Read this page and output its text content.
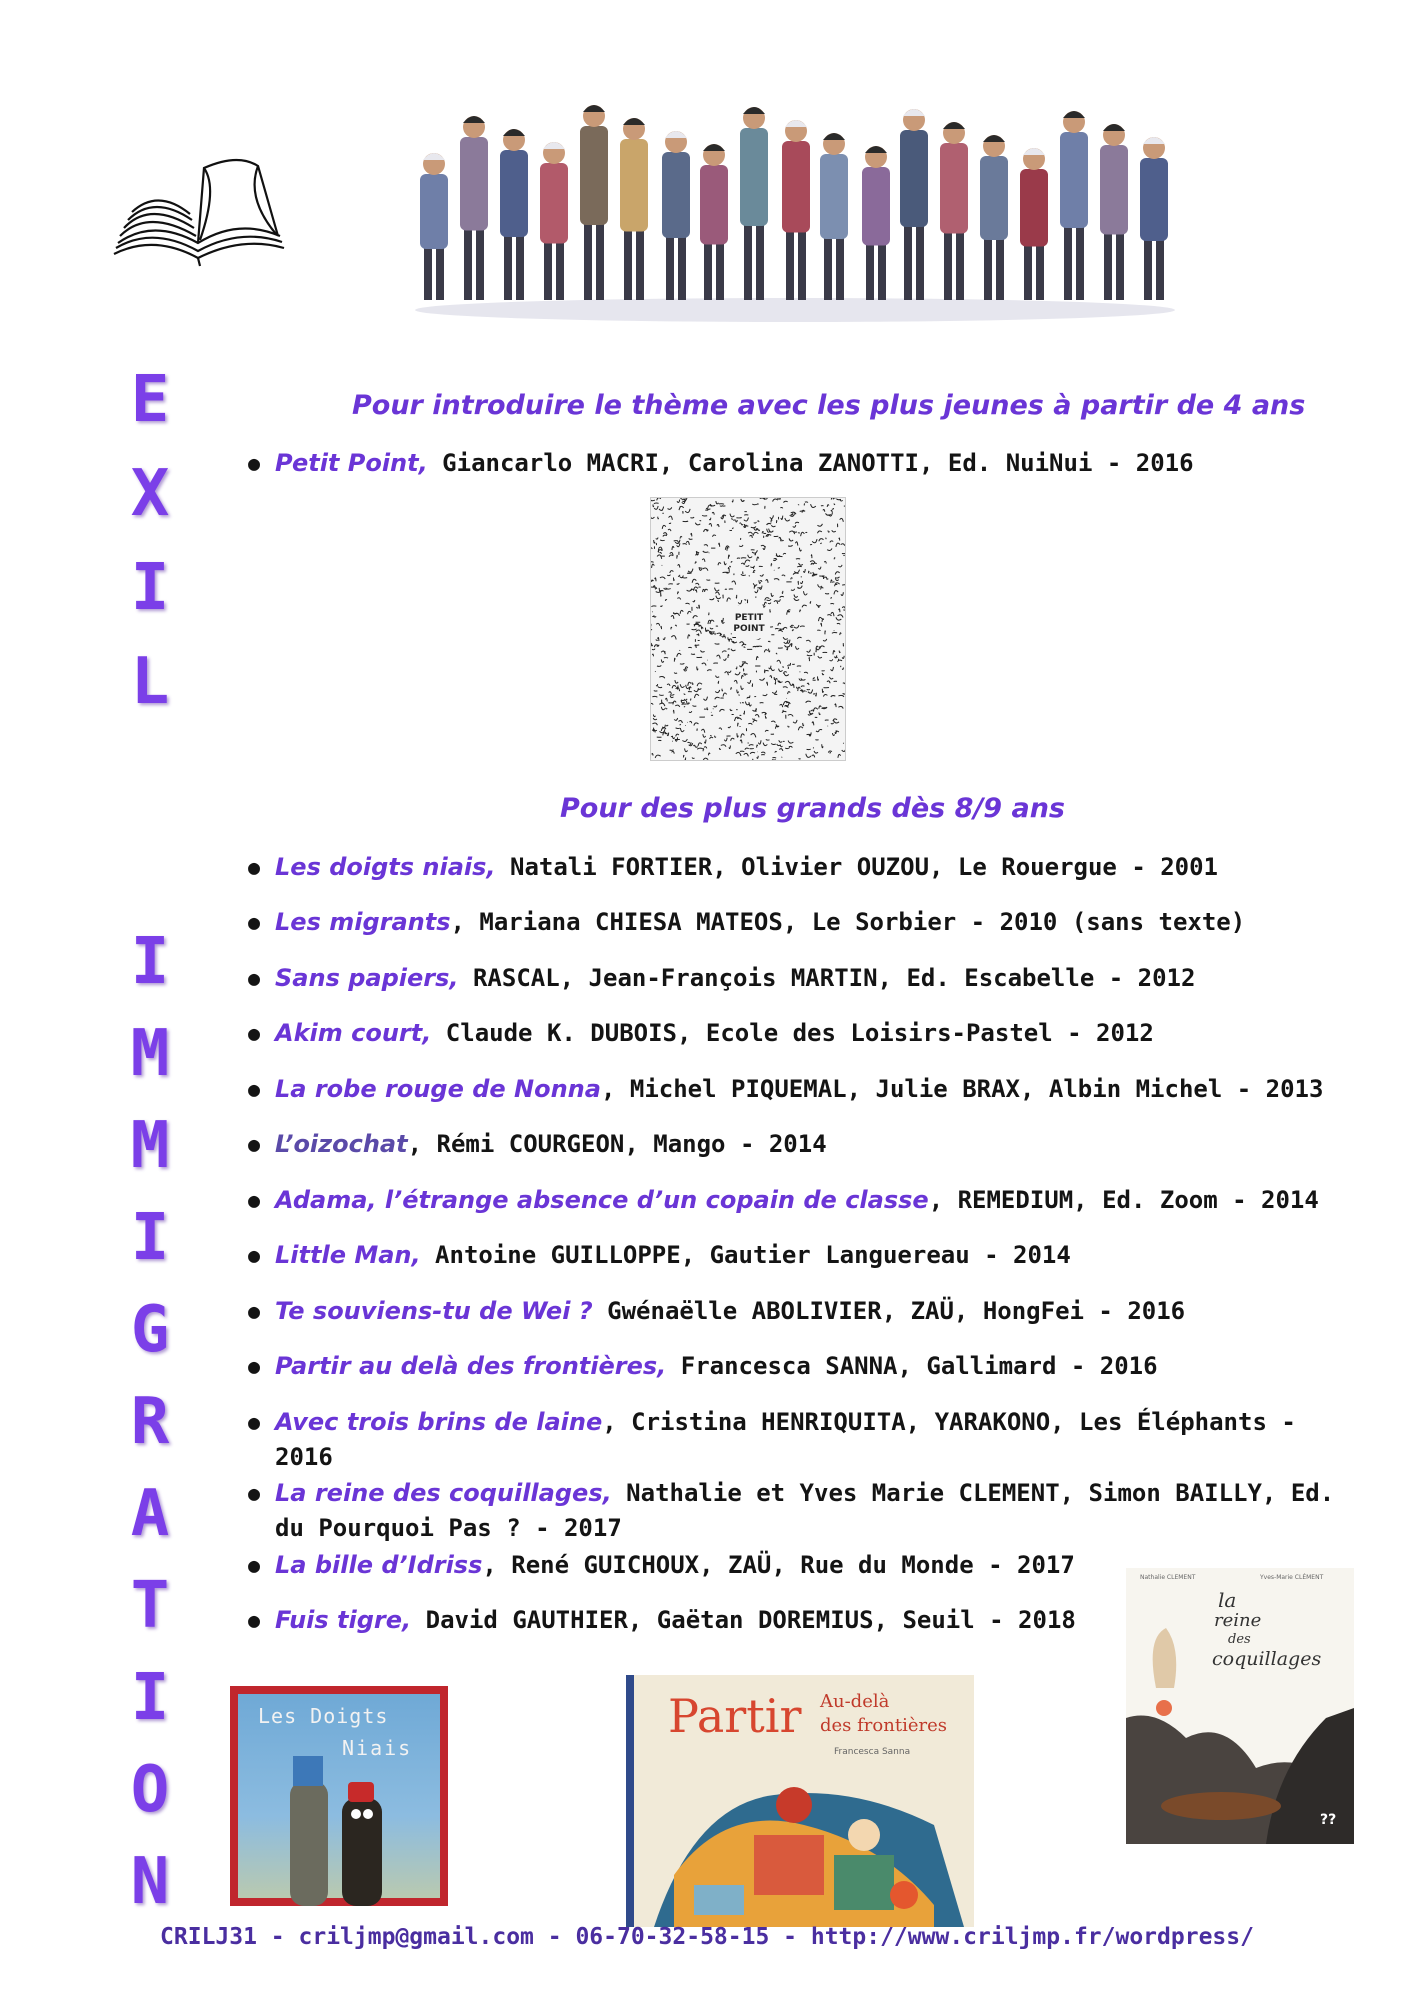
E
X
I
L
I
M
M
I
G
R
A
T
I
O
N
Pour introduire le thème avec les plus jeunes à partir de 4 ans
● Petit Point, Giancarlo MACRI, Carolina ZANOTTI, Ed. NuiNui - 2016
PETIT
POINT
Pour des plus grands dès 8/9 ans
● Les doigts niais, Natali FORTIER, Olivier OUZOU, Le Rouergue - 2001
● Les migrants, Mariana CHIESA MATEOS, Le Sorbier - 2010 (sans texte)
● Sans papiers, RASCAL, Jean-François MARTIN, Ed. Escabelle - 2012
● Akim court, Claude K. DUBOIS, Ecole des Loisirs-Pastel - 2012
● La robe rouge de Nonna, Michel PIQUEMAL, Julie BRAX, Albin Michel - 2013
● L’oizochat, Rémi COURGEON, Mango - 2014
● Adama, l’étrange absence d’un copain de classe, REMEDIUM, Ed. Zoom - 2014
● Little Man, Antoine GUILLOPPE, Gautier Languereau - 2014
● Te souviens-tu de Wei ? Gwénaëlle ABOLIVIER, ZAÜ, HongFei - 2016
● Partir au delà des frontières, Francesca SANNA, Gallimard - 2016
● Avec trois brins de laine, Cristina HENRIQUITA, YARAKONO, Les Éléphants - 2016
● La reine des coquillages, Nathalie et Yves Marie CLEMENT, Simon BAILLY, Ed. du Pourquoi Pas ? - 2017
● La bille d’Idriss, René GUICHOUX, ZAÜ, Rue du Monde - 2017
● Fuis tigre, David GAUTHIER, Gaëtan DOREMIUS, Seuil - 2018
Les Doigts
Niais
Partir Au-delà
des frontières
Francesca Sanna
Nathalie CLEMENT	Yves-Marie CLÉMENT
la
reine
des
coquillages
??
CRILJ31 - criljmp@gmail.com - 06-70-32-58-15 - http://www.criljmp.fr/wordpress/
